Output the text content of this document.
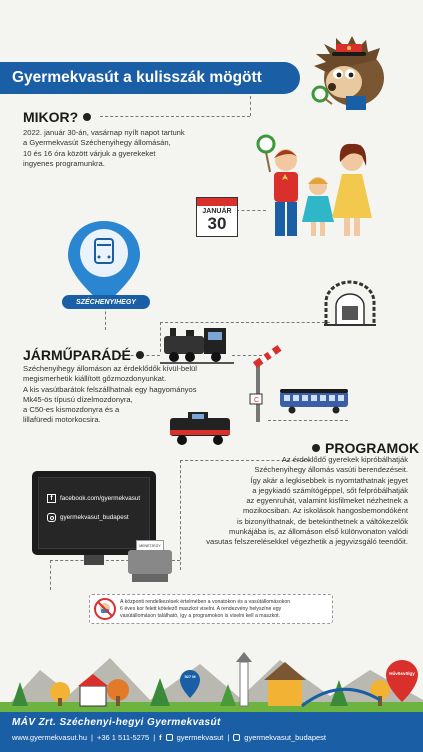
Gyermekvasút a kulisszák mögött
MIKOR?
2022. január 30-án, vasárnap nyílt napot tartunk
a Gyermekvasút Széchenyihegy állomásán,
10 és 16 óra között várjuk a gyerekeket
ingyenes programunkra.
JANUÁR
30
SZÉCHENYIHEGY
JÁRMŰPARÁDÉ
Széchenyihegy állomáson az érdeklődők kívül-belül
megismerhetik kiállított gőzmozdonyunkat.
A kis vasútbarátok felszállhatnak egy hagyományos
Mk45-ös típusú dízelmozdonyra,
a C50-es kismozdonyra és a
lillafüredi motorkocsira.
C
PROGRAMOK
Az érdeklődő gyerekek kipróbálhatják
Széchenyihegy állomás vasúti berendezéseit.
Így akár a legkisebbek is nyomtathatnak jegyet
a jegykiadó számítógéppel, sőt felpróbálhatják
az egyenruhát, valamint kisfilmeket nézhetnek a
mozikocsiban. Az iskolások hangosbemondóként
is bizonyíthatnak, de betekinthetnek a váltókezelők
munkájába is, az állomáson első különvonaton valódi
vasutas felszerelésekkel végezhetik a jegyvizsgáló teendőit.
f	facebook.com/gyermekvasut
gyermekvasut_budapest
MENETJEGY
A központi rendelkezések értelmében a vonatokon és a vasútállomásokon
6 éves kor felett kötelező maszkot viselni. A rendezvény helyszíne egy
vasútállomáson található, így a programokon is viselni kell a maszkot.
527 M
Hűvösvölgy
MÁV Zrt. Széchenyi-hegyi Gyermekvasút
www.gyermekvasut.hu | +36 1 511-5275 | f gyermekvasut | gyermekvasut_budapest
